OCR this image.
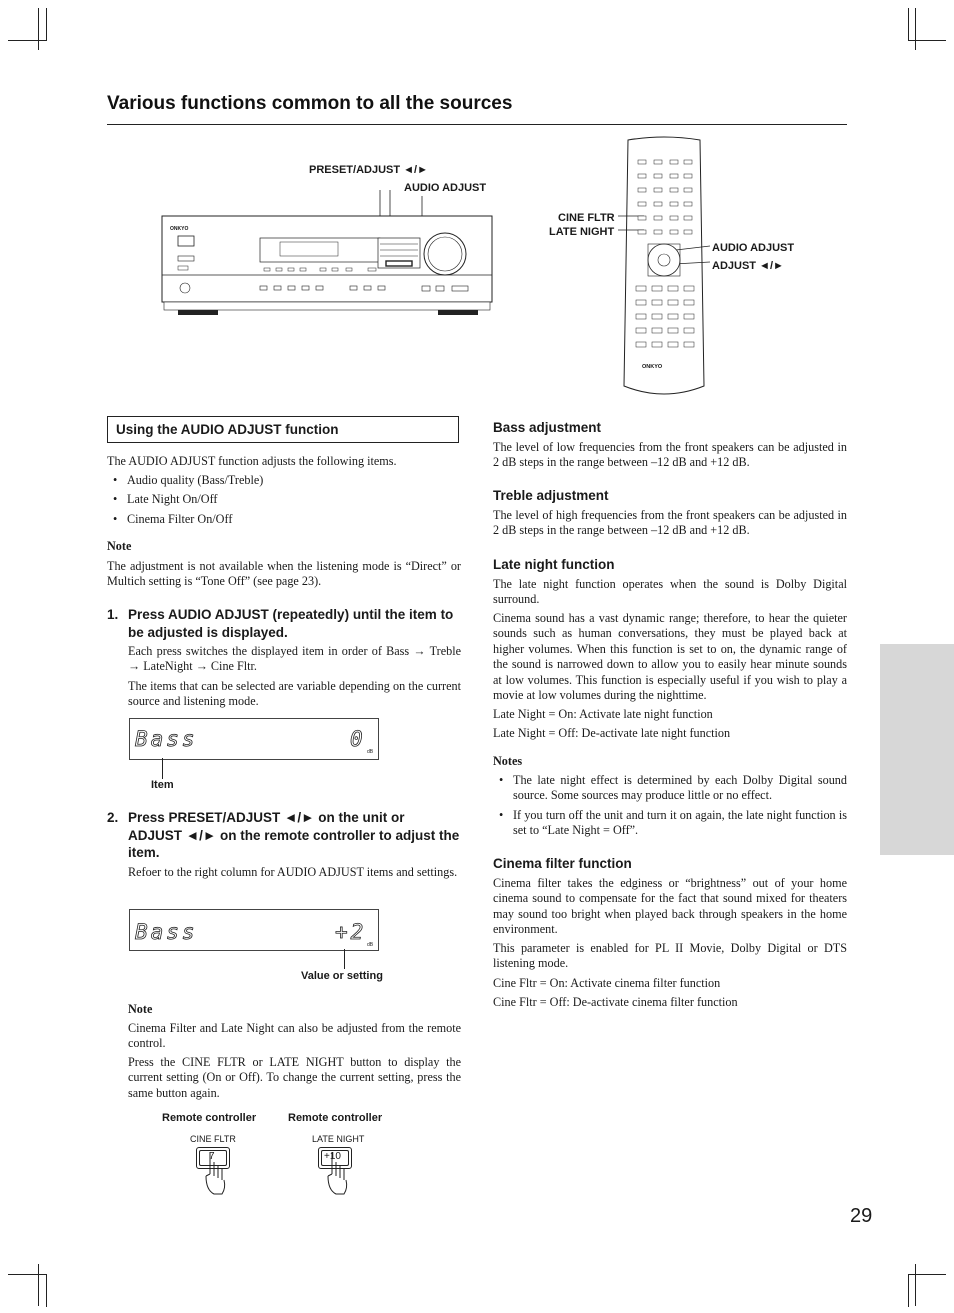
Various functions common to all the sources
PRESET/ADJUST ◄/►
AUDIO ADJUST
ONKYO
CINE FLTR
LATE NIGHT
AUDIO ADJUST
ADJUST ◄/►
ONKYO
Using the AUDIO ADJUST function
The AUDIO ADJUST function adjusts the following items.
• Audio quality (Bass/Treble)
• Late Night On/Off
• Cinema Filter On/Off
Note
The adjustment is not available when the listening mode is “Direct” or Multich setting is “Tone Off” (see page 23).
1. Press AUDIO ADJUST (repeatedly) until the item to be adjusted is displayed.
Each press switches the displayed item in order of Bass → Treble → LateNight → Cine Fltr.
The items that can be selected are variable depending on the current source and listening mode.
Bass	0
dB
Item
2. Press PRESET/ADJUST ◄/► on the unit or ADJUST ◄/► on the remote controller to adjust the item.
Refoer to the right column for AUDIO ADJUST items and settings.
Bass	+2
dB
Value or setting
Note
Cinema Filter and Late Night can also be adjusted from the remote control.
Press the CINE FLTR or LATE NIGHT button to display the current setting (On or Off). To change the current setting, press the same button again.
Remote controller	Remote controller
CINE FLTR	LATE NIGHT
7	+10
Bass adjustment
The level of low frequencies from the front speakers can be adjusted in 2 dB steps in the range between –12 dB and +12 dB.
Treble adjustment
The level of high frequencies from the front speakers can be adjusted in 2 dB steps in the range between –12 dB and +12 dB.
Late night function
The late night function operates when the sound is Dolby Digital surround.
Cinema sound has a vast dynamic range; therefore, to hear the quieter sounds such as human conversations, they must be played back at higher volumes. When this function is set to on, the dynamic range of the sound is narrowed down to allow you to easily hear minute sounds at low volumes. This function is especially useful if you wish to play a movie at low volumes during the nighttime.
Late Night = On: Activate late night function
Late Night = Off: De-activate late night function
Notes
• The late night effect is determined by each Dolby Digital sound source. Some sources may produce little or no effect.
• If you turn off the unit and turn it on again, the late night function is set to “Late Night = Off”.
Cinema filter function
Cinema filter takes the edginess or “brightness” out of your home cinema sound to compensate for the fact that sound mixed for theaters may sound too bright when played back through speakers in the home environment.
This parameter is enabled for PL II Movie, Dolby Digital or DTS listening mode.
Cine Fltr = On: Activate cinema filter function
Cine Fltr = Off: De-activate cinema filter function
29
